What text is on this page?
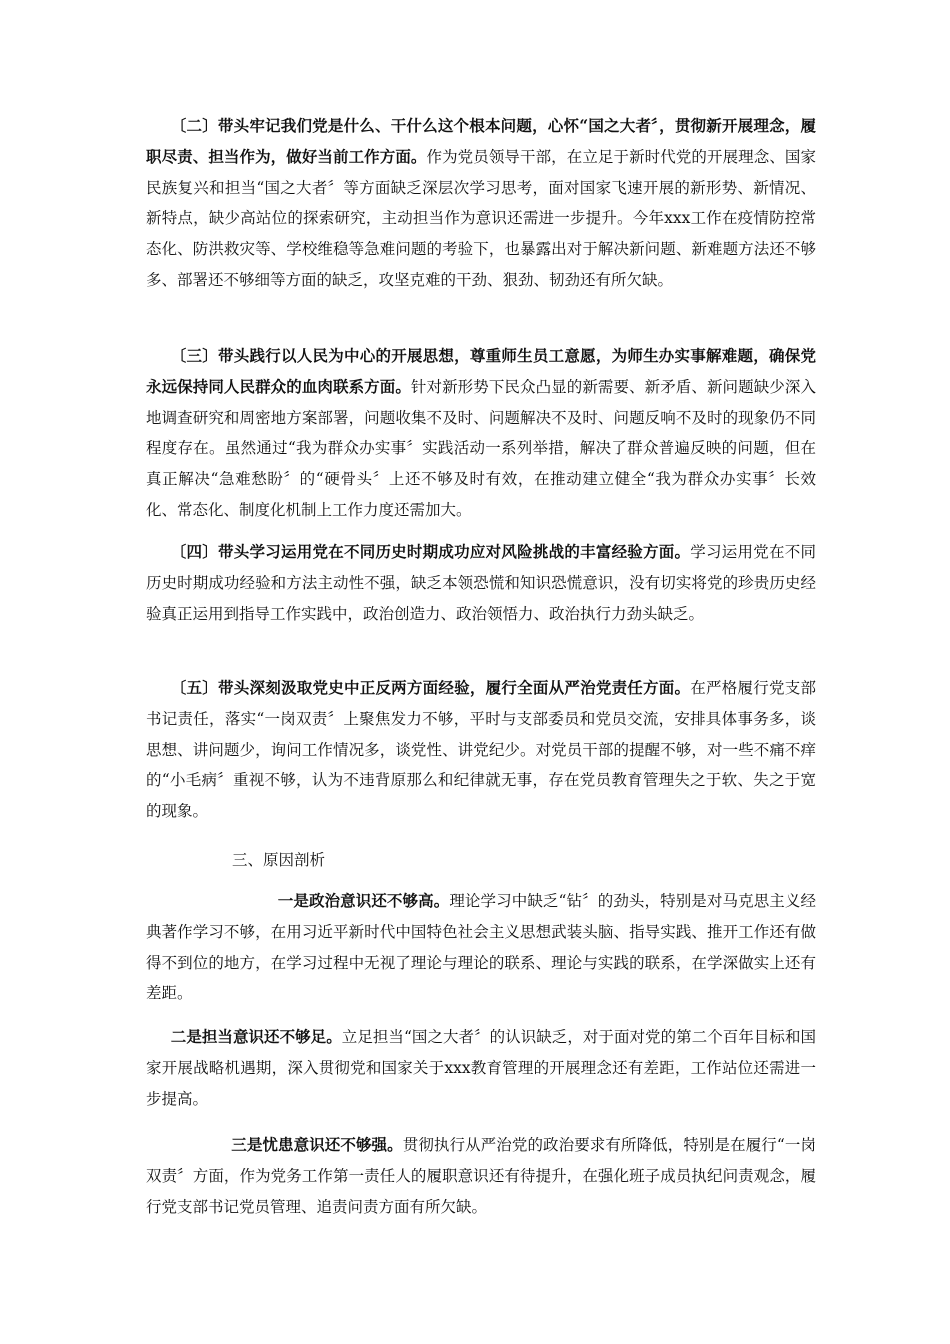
〔二〕带头牢记我们党是什么、干什么这个根本问题，心怀“国之大者〞，贯彻新开展理念，履职尽责、担当作为，做好当前工作方面。作为党员领导干部，在立足于新时代党的开展理念、国家民族复兴和担当“国之大者〞等方面缺乏深层次学习思考，面对国家飞速开展的新形势、新情况、新特点，缺少高站位的探索研究，主动担当作为意识还需进一步提升。今年xxx工作在疫情防控常态化、防洪救灾等、学校维稳等急难问题的考验下，也暴露出对于解决新问题、新难题方法还不够多、部署还不够细等方面的缺乏，攻坚克难的干劲、狠劲、韧劲还有所欠缺。

〔三〕带头践行以人民为中心的开展思想，尊重师生员工意愿，为师生办实事解难题，确保党永远保持同人民群众的血肉联系方面。针对新形势下民众凸显的新需要、新矛盾、新问题缺少深入地调查研究和周密地方案部署，问题收集不及时、问题解决不及时、问题反响不及时的现象仍不同程度存在。虽然通过“我为群众办实事〞实践活动一系列举措，解决了群众普遍反映的问题，但在真正解决“急难愁盼〞的“硬骨头〞上还不够及时有效，在推动建立健全“我为群众办实事〞长效化、常态化、制度化机制上工作力度还需加大。

〔四〕带头学习运用党在不同历史时期成功应对风险挑战的丰富经验方面。学习运用党在不同历史时期成功经验和方法主动性不强，缺乏本领恐慌和知识恐慌意识，没有切实将党的珍贵历史经验真正运用到指导工作实践中，政治创造力、政治领悟力、政治执行力劲头缺乏。

〔五〕带头深刻汲取党史中正反两方面经验，履行全面从严治党责任方面。在严格履行党支部书记责任，落实“一岗双责〞上聚焦发力不够，平时与支部委员和党员交流，安排具体事务多，谈思想、讲问题少，询问工作情况多，谈党性、讲党纪少。对党员干部的提醒不够，对一些不痛不痒的“小毛病〞重视不够，认为不违背原那么和纪律就无事，存在党员教育管理失之于软、失之于宽的现象。

三、原因剖析

一是政治意识还不够高。理论学习中缺乏“钻〞的劲头，特别是对马克思主义经典著作学习不够，在用习近平新时代中国特色社会主义思想武装头脑、指导实践、推开工作还有做得不到位的地方，在学习过程中无视了理论与理论的联系、理论与实践的联系，在学深做实上还有差距。

二是担当意识还不够足。立足担当“国之大者〞的认识缺乏，对于面对党的第二个百年目标和国家开展战略机遇期，深入贯彻党和国家关于xxx教育管理的开展理念还有差距，工作站位还需进一步提高。

三是忧患意识还不够强。贯彻执行从严治党的政治要求有所降低，特别是在履行“一岗双责〞方面，作为党务工作第一责任人的履职意识还有待提升，在强化班子成员执纪问责观念，履行党支部书记党员管理、追责问责方面有所欠缺。
